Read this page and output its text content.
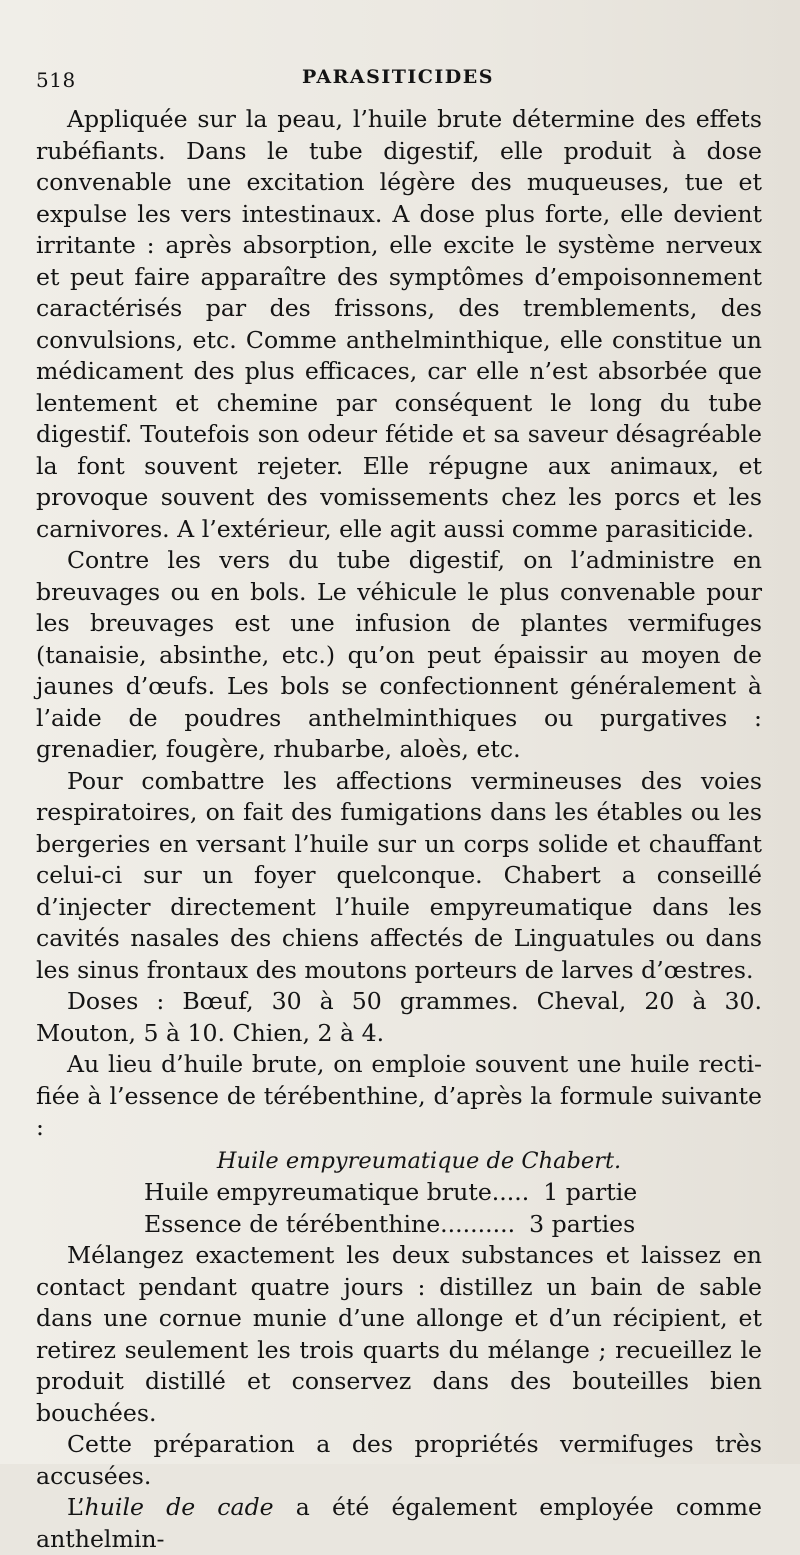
518	PARASITICIDES

Appliquée sur la peau, l’huile brute détermine des effets rubéfiants. Dans le tube digestif, elle produit à dose convenable une excitation légère des muqueuses, tue et expulse les vers intestinaux. A dose plus forte, elle devient irritante : après absorption, elle excite le système nerveux et peut faire apparaître des symptômes d’empoisonnement caractérisés par des frissons, des tremblements, des convulsions, etc. Comme anthelminthique, elle constitue un médicament des plus efficaces, car elle n’est absorbée que lentement et chemine par conséquent le long du tube digestif. Toutefois son odeur fétide et sa saveur désagréable la font souvent rejeter. Elle répugne aux animaux, et provoque souvent des vomissements chez les porcs et les carnivores. A l’extérieur, elle agit aussi comme parasiticide.

Contre les vers du tube digestif, on l’administre en breuvages ou en bols. Le véhicule le plus convenable pour les breuvages est une infusion de plantes vermifuges (tanaisie, absinthe, etc.) qu’on peut épaissir au moyen de jaunes d’œufs. Les bols se confectionnent généralement à l’aide de poudres anthelminthiques ou purgatives : grenadier, fougère, rhubarbe, aloès, etc.

Pour combattre les affections vermineuses des voies respiratoires, on fait des fumigations dans les étables ou les bergeries en versant l’huile sur un corps solide et chauffant celui-ci sur un foyer quelconque. Chabert a conseillé d’injecter directement l’huile empyreumatique dans les cavités nasales des chiens affectés de Linguatules ou dans les sinus frontaux des moutons porteurs de larves d’œstres.

Doses : Bœuf, 30 à 50 grammes. Cheval, 20 à 30. Mouton, 5 à 10. Chien, 2 à 4.

Au lieu d’huile brute, on emploie souvent une huile rectifiée à l’essence de térébenthine, d’après la formule suivante :

Huile empyreumatique de Chabert.
Huile empyreumatique brute..... 1 partie
Essence de térébenthine.......... 3 parties

Mélangez exactement les deux substances et laissez en contact pendant quatre jours : distillez un bain de sable dans une cornue munie d’une allonge et d’un récipient, et retirez seulement les trois quarts du mélange ; recueillez le produit distillé et conservez dans des bouteilles bien bouchées.

Cette préparation a des propriétés vermifuges très accusées.

L’huile de cade a été également employée comme anthelmin-
